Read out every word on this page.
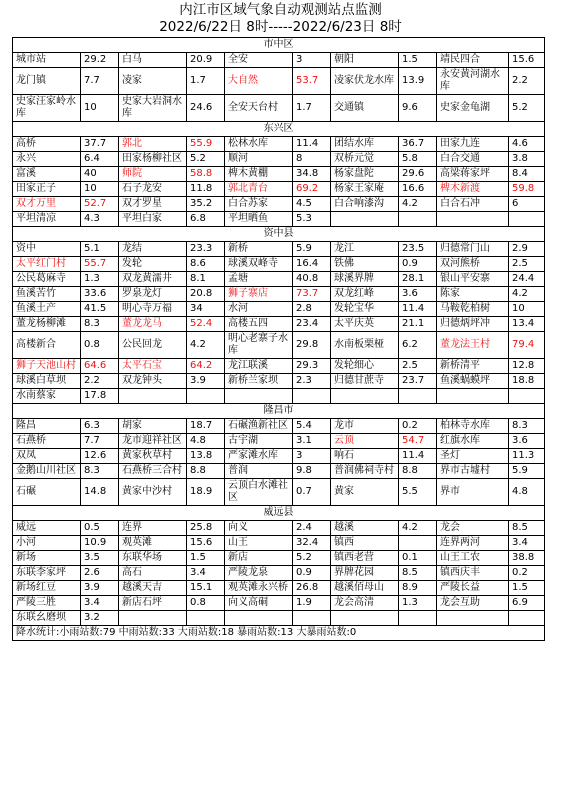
内江市区域气象自动观测站点监测
2022/6/22日 8时-----2022/6/23日 8时
市中区									
城市站	29.2	白马	20.9	全安	3	朝阳	1.5	靖民四合	15.6
龙门镇	7.7	凌家	1.7	大自然	53.7	凌家伏龙水库	13.9	永安黄河湖水库	2.2
史家汪家岭水库	10	史家大岩洞水库	24.6	全安天台村	1.7	交通镇	9.6	史家金龟湖	5.2
东兴区									
高桥	37.7	郭北	55.9	松林水库	11.4	团结水库	36.7	田家九连	4.6
永兴	6.4	田家杨柳社区	5.2	顺河	8	双桥元觉	5.8	白合交通	3.8
富溪	40	师院	58.8	椑木黄棚	34.8	杨家盘陀	29.6	高梁蒋家坪	8.4
田家正子	10	石子龙安	11.8	郭北青台	69.2	杨家王家庵	16.6	椑木新渡	59.8
双才万里	52.7	双才罗星	35.2	白合苏家	4.5	白合响漆沟	4.2	白合石冲	6
平坦清凉	4.3	平坦白家	6.8	平坦晒鱼	5.3				
资中县									
资中	5.1	龙结	23.3	新桥	5.9	龙江	23.5	归德常门山	2.9
太平红门村	55.7	发轮	8.6	球溪双峰寺	16.4	铁佛	0.9	双河熊桥	2.5
公民葛麻寺	1.3	双龙黄濡井	8.1	孟塘	40.8	球溪界牌	28.1	银山平安寨	24.4
鱼溪苦竹	33.6	罗泉龙灯	20.8	狮子寨店	73.7	双龙红峰	3.6	陈家	4.2
鱼溪土产	41.5	明心寺万福	34	水河	2.8	发轮宝华	11.4	马鞍乾柏树	10
董龙杨柳滩	8.3	董龙龙马	52.4	高楼五四	23.4	太平庆英	21.1	归德炳坪冲	13.4
高楼新合	0.8	公民回龙	4.2	明心老寨子水库	29.8	水南板栗桠	6.2	董龙法王村	79.4
狮子天池山村	64.6	太平石宝	64.2	龙江联溪	29.3	发轮细心	2.5	新桥清平	12.8
球溪白草坝	2.2	双龙钟头	3.9	新桥兰家坝	2.3	归德甘蔗寺	23.7	鱼溪蜗蟆坪	18.8
水南蔡家	17.8								
隆昌市									
隆昌	6.3	胡家	18.7	石碾渔新社区	5.4	龙市	0.2	柏林寺水库	8.3
石燕桥	7.7	龙市迎祥社区	4.8	古宇湖	3.1	云顶	54.7	红旗水库	3.6
双凤	12.6	黄家秋草村	13.8	严家滩水库	3	响石	11.4	圣灯	11.3
金鹅山川社区	8.3	石燕桥三合村	8.8	普润	9.8	普润佛祠寺村	8.8	界市古墟村	5.9
石碾	14.8	黄家中沙村	18.9	云顶白水滩社区	0.7	黄家	5.5	界市	4.8
威远县									
威远	0.5	连界	25.8	向义	2.4	越溪	4.2	龙会	8.5
小河	10.9	观英滩	15.6	山王	32.4	镇西		连界两河	3.4
新场	3.5	东联华场	1.5	新店	5.2	镇西老营	0.1	山王工农	38.8
东联李家坪	2.6	高石	3.4	严陵龙泉	0.9	界牌花园	8.5	镇西庆丰	0.2
新场红豆	3.9	越溪天吉	15.1	观英滩永兴桥	26.8	越溪佰母山	8.9	严陵长益	1.5
严陵三胜	3.4	新店石坪	0.8	向义高硐	1.9	龙会高清	1.3	龙会互助	6.9
东联幺磨坝	3.2								
降水统计:小雨站数:79 中雨站数:33 大雨站数:18 暴雨站数:13 大暴雨站数:0									
